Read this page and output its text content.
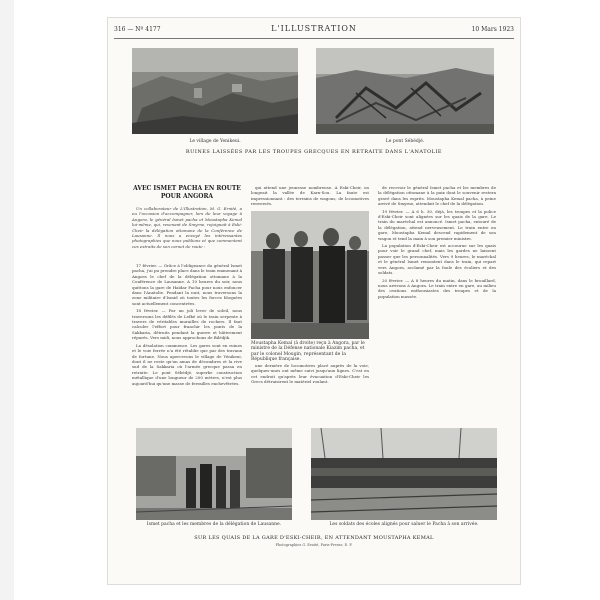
316 — Nº 4177	L'ILLUSTRATION	10 Mars 1923
Le village de Yenikeui.	Le pont Sébédjé.
RUINES LAISSÉES PAR LES TROUPES GRECQUES EN RETRAITE DANS L'ANATOLIE
AVEC ISMET PACHA EN ROUTE POUR ANGORA

Un collaborateur de L'Illustration, M. G. Ernité, a eu l'occasion d'accompagner, lors de leur voyage à Angora, le général Ismet pacha et Moustapha Kemal lui-même, qui, revenant de Smyrne, rejoignait à Eski-Cheir la délégation ottomane de la Conférence de Lausanne. Il nous a envoyé les intéressantes photographies que nous publions et que commentent ces extraits de son carnet de route :

17 février. — Grâce à l'obligeance du général Ismet pacha, j'ai pu prendre place dans le train emmenant à Angora le chef de la délégation ottomane à la Conférence de Lausanne. A 10 heures du soir, nous quittons la gare de Haïdar Pacha pour nous enfoncer dans l'Anatolie. Pendant la nuit, nous traversons la zone militaire d'Ismid où toutes les forces bloquées sont actuellement concentrées.

18 février. — Par un joli lever de soleil, nous traversons les défilés de Lefké où le train serpente à travers de véritables murailles de rochers. Il faut calculer l'effort pour franchir les ponts de la Sakkaria, détruits pendant la guerre et hâtivement réparés. Vers midi, nous approchons de Bilédjik.

La désolation commence. Les gares sont en ruines et le voie ferrée n'a été rétablie que par des travaux de fortune. Nous apercevons le village de Yénikeui, dont il ne reste qu'un amas de décombres et la rive sud de la Sakkaria où l'armée grecque passa en retraite. Le pont Sébédjé, superbe construction métallique d'une longueur de 200 mètres, n'est plus aujourd'hui qu'une masse de ferrailles enchevêtrées.

qui attend une jeunesse nombreuse. A Eski-Cheir, on longeait la vallée de Karn-Sou. La faute est impressionnant : des terrains de wagons, de locomotives renversés.

Moustapha Kemal (à droite) reçu à Angora, par le ministre de la Défense nationale Kiazim pacha, et par le colonel Mougin, représentant de la République française.

une dernière de locomotives placé auprès de la voie, quelques-unes ont même suivi jusqu'aux lignes. C'est en cet endroit qu'après leur évacuation d'Eski-Cheir les Grecs détruisirent le matériel roulant.

de recevoir le général Ismet pacha et les membres de la délégation ottomane à la paix dont le souvenir restera gravé dans les esprits. Moustapha Kemal pacha, à peine arrivé de Smyrne, attendait le chef de la délégation.

19 février. — A 6 h. 30, déjà, les troupes et la police d'Eski-Cheir sont alignées sur les quais de la gare. Le train du maréchal est annoncé. Ismet pacha, entouré de la délégation, attend nerveusement. Le train entre en gare, Moustapha Kemal descend rapidement de son wagon et tend la main à son premier ministre.

La population d'Eski-Cheir est accourue sur les quais pour voir le grand chef, mais les gardes ne laissent passer que les personnalités. Vers 9 heures, le maréchal et le général Ismet remontent dans le train, qui repart vers Angora, acclamé par la foule des écoliers et des soldats.

20 février. — A 8 heures du matin, dans le brouillard, nous arrivons à Angora. Le train entre en gare, au milieu des ovations enthousiastes des troupes et de la population massée.

Ismet pacha et les membres de la délégation de Lausanne.	Les soldats des écoles alignés pour saluer le Pacha à son arrivée.
SUR LES QUAIS DE LA GARE D'ESKI-CHEIR, EN ATTENDANT MOUSTAPHA KEMAL
Photographies G. Ernité, Paris-Presse, E. F.
